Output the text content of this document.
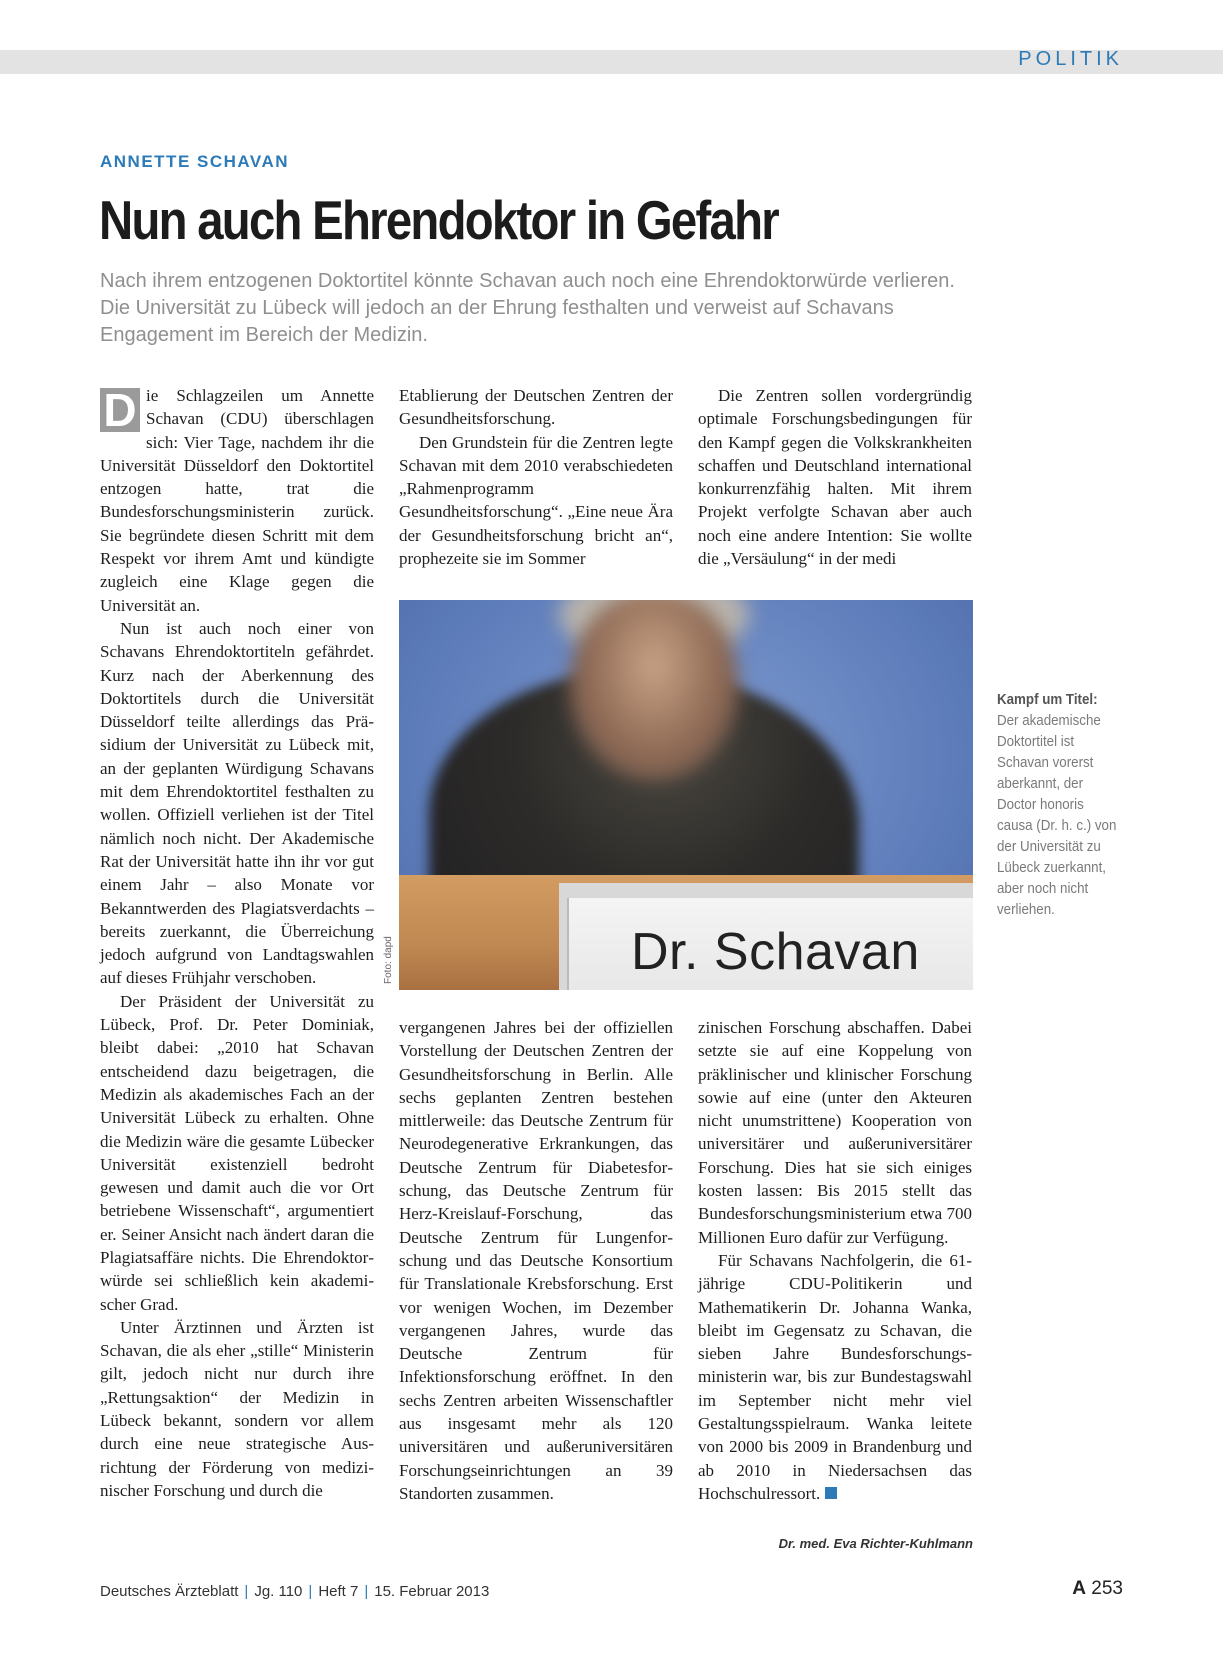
POLITIK
ANNETTE SCHAVAN
Nun auch Ehrendoktor in Gefahr

Nach ihrem entzogenen Doktortitel könnte Schavan auch noch eine Ehrendoktorwürde verlieren. Die Universität zu Lübeck will jedoch an der Ehrung festhalten und verweist auf Schavans Engagement im Bereich der Medizin.

D ie Schlagzeilen um Annette Schavan (CDU) überschlagen sich: Vier Tage, nachdem ihr die Universität Düsseldorf den Doktortitel entzogen hatte, trat die Bundesforschungsministerin zurück. Sie begründete diesen Schritt mit dem Respekt vor ihrem Amt und kündigte zugleich eine Klage gegen die Universität an.

Nun ist auch noch einer von Schavans Ehrendoktortiteln gefährdet. Kurz nach der Aberkennung des Doktortitels durch die Universität Düsseldorf teilte allerdings das Präsidium der Universität zu Lübeck mit, an der geplanten Würdigung Schavans mit dem Ehrendoktortitel festhalten zu wollen. Offiziell verliehen ist der Titel nämlich noch nicht. Der Akademische Rat der Universität hatte ihn ihr vor gut einem Jahr – also Monate vor Bekanntwerden des Plagiatsverdachts – bereits zuerkannt, die Überreichung jedoch aufgrund von Landtagswahlen auf dieses Frühjahr verschoben.

Der Präsident der Universität zu Lübeck, Prof. Dr. Peter Dominiak, bleibt dabei: „2010 hat Schavan entscheidend dazu beigetragen, die Medizin als akademisches Fach an der Universität Lübeck zu erhalten. Ohne die Medizin wäre die gesamte Lübecker Universität existenziell bedroht gewesen und damit auch die vor Ort betriebene Wissenschaft“, argumentiert er. Seiner Ansicht nach ändert daran die Plagiatsaffäre nichts. Die Ehrendoktorwürde sei schließlich kein akademischer Grad.

Unter Ärztinnen und Ärzten ist Schavan, die als eher „stille“ Ministerin gilt, jedoch nicht nur durch ihre „Rettungsaktion“ der Medizin in Lübeck bekannt, sondern vor allem durch eine neue strategische Ausrichtung der Förderung von medizinischer Forschung und durch die

Etablierung der Deutschen Zentren der Gesundheitsforschung.

Den Grundstein für die Zentren legte Schavan mit dem 2010 verabschiedeten „Rahmenprogramm Gesundheitsforschung“. „Eine neue Ära der Gesundheitsforschung bricht an“, prophezeite sie im Sommer

Die Zentren sollen vordergründig optimale Forschungsbedingungen für den Kampf gegen die Volkskrankheiten schaffen und Deutschland international konkurrenzfähig halten. Mit ihrem Projekt verfolgte Schavan aber auch noch eine andere Intention: Sie wollte die „Versäulung“ in der medi

Dr. Schavan
Foto: dapd
Kampf um Titel:
Der akademische Doktortitel ist Schavan vorerst aberkannt, der Doctor honoris causa (Dr. h. c.) von der Universität zu Lübeck zuerkannt, aber noch nicht verliehen.

vergangenen Jahres bei der offiziellen Vorstellung der Deutschen Zentren der Gesundheitsforschung in Berlin. Alle sechs geplanten Zentren bestehen mittlerweile: das Deutsche Zentrum für Neurodegenerative Erkrankungen, das Deutsche Zentrum für Diabetesforschung, das Deutsche Zentrum für Herz-Kreislauf-Forschung, das Deutsche Zentrum für Lungenforschung und das Deutsche Konsortium für Translationale Krebsforschung. Erst vor wenigen Wochen, im Dezember vergangenen Jahres, wurde das Deutsche Zentrum für Infektionsforschung eröffnet. In den sechs Zentren arbeiten Wissenschaftler aus insgesamt mehr als 120 universitären und außeruniversitären Forschungseinrichtungen an 39 Standorten zusammen.

zinischen Forschung abschaffen. Dabei setzte sie auf eine Koppelung von präklinischer und klinischer Forschung sowie auf eine (unter den Akteuren nicht unumstrittene) Kooperation von universitärer und außeruniversitärer Forschung. Dies hat sie sich einiges kosten lassen: Bis 2015 stellt das Bundesforschungsministerium etwa 700 Millionen Euro dafür zur Verfügung.

Für Schavans Nachfolgerin, die 61-jährige CDU-Politikerin und Mathematikerin Dr. Johanna Wanka, bleibt im Gegensatz zu Schavan, die sieben Jahre Bundesforschungsministerin war, bis zur Bundestagswahl im September nicht mehr viel Gestaltungsspielraum. Wanka leitete von 2000 bis 2009 in Brandenburg und ab 2010 in Niedersachsen das Hochschulressort.

Dr. med. Eva Richter-Kuhlmann
Deutsches Ärzteblatt | Jg. 110 | Heft 7 | 15. Februar 2013	A 253
